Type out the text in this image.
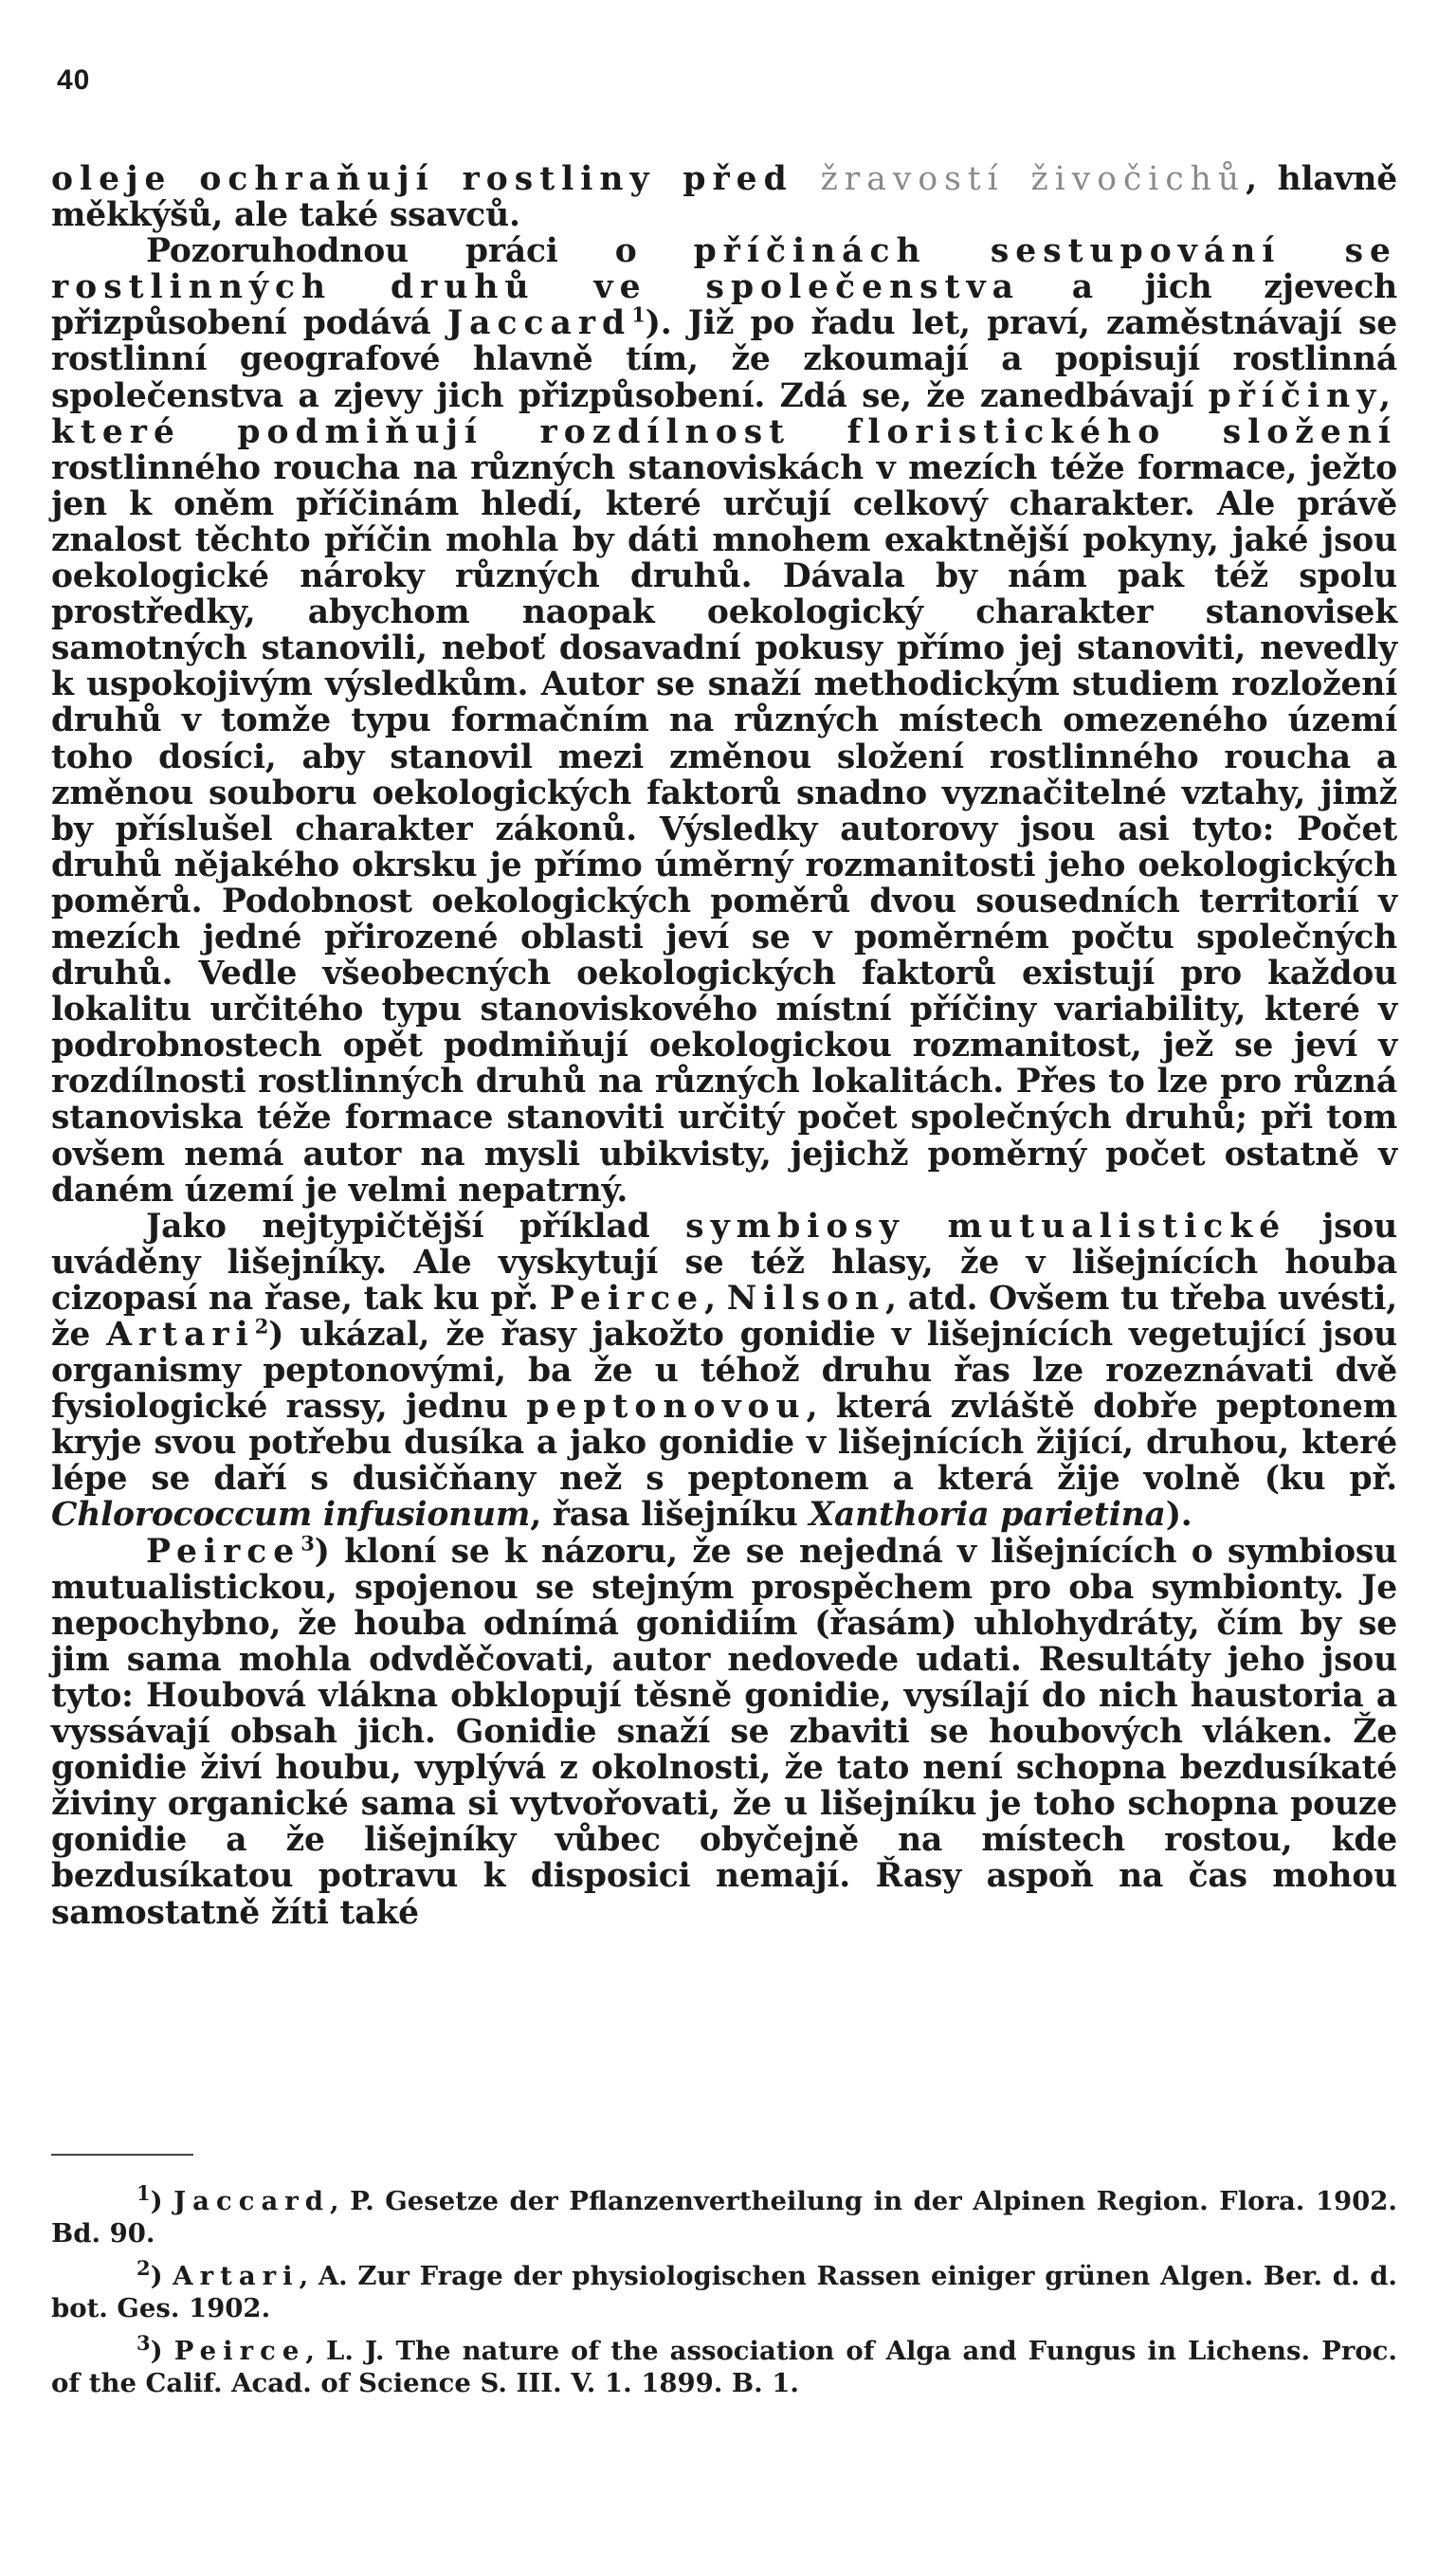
40

oleje ochraňují rostliny před žravostí živočichů, hlavně měkkýšů, ale také ssavců.

Pozoruhodnou práci o příčinách sestupování se rostlinných druhů ve společenstva a jich zjevech přizpůsobení podává Jaccard$^1$). Již po řadu let, praví, zaměstnávají se rostlinní geografové hlavně tím, že zkoumají a popisují rostlinná společenstva a zjevy jich přizpůsobení. Zdá se, že zanedbávají příčiny, které podmiňují rozdílnost floristického složení rostlinného roucha na různých stanoviskách v mezích téže formace, ježto jen k oněm příčinám hledí, které určují celkový charakter. Ale právě znalost těchto příčin mohla by dáti mnohem exaktnější pokyny, jaké jsou oekologické nároky různých druhů. Dávala by nám pak též spolu prostředky, abychom naopak oekologický charakter stanovisek samotných stanovili, neboť dosavadní pokusy přímo jej stanoviti, nevedly k uspokojivým výsledkům. Autor se snaží methodickým studiem rozložení druhů v tomže typu formačním na různých místech omezeného území toho dosíci, aby stanovil mezi změnou složení rostlinného roucha a změnou souboru oekologických faktorů snadno vyznačitelné vztahy, jimž by příslušel charakter zákonů. Výsledky autorovy jsou asi tyto: Počet druhů nějakého okrsku je přímo úměrný rozmanitosti jeho oekologických poměrů. Podobnost oekologických poměrů dvou sousedních territorií v mezích jedné přirozené oblasti jeví se v poměrném počtu společných druhů. Vedle všeobecných oekologických faktorů existují pro každou lokalitu určitého typu stanoviskového místní příčiny variability, které v podrobnostech opět podmiňují oekologickou rozmanitost, jež se jeví v rozdílnosti rostlinných druhů na různých lokalitách. Přes to lze pro různá stanoviska téže formace stanoviti určitý počet společných druhů; při tom ovšem nemá autor na mysli ubikvisty, jejichž poměrný počet ostatně v daném území je velmi nepatrný.

Jako nejtypičtější příklad symbiosy mutualistické jsou uváděny lišejníky. Ale vyskytují se též hlasy, že v lišejnících houba cizopasí na řase, tak ku př. Peirce, Nilson, atd. Ovšem tu třeba uvésti, že Artari$^2$) ukázal, že řasy jakožto gonidie v lišejnících vegetující jsou organismy peptonovými, ba že u téhož druhu řas lze rozeznávati dvě fysiologické rassy, jednu peptonovou, která zvláště dobře peptonem kryje svou potřebu dusíka a jako gonidie v lišejnících žijící, druhou, které lépe se daří s dusičňany než s peptonem a která žije volně (ku př. Chlorococcum infusionum, řasa lišejníku Xanthoria parietina).

Peirce$^3$) kloní se k názoru, že se nejedná v lišejnících o symbiosu mutualistickou, spojenou se stejným prospěchem pro oba symbionty. Je nepochybno, že houba odnímá gonidiím (řasám) uhlohydráty, čím by se jim sama mohla odvděčovati, autor nedovede udati. Resultáty jeho jsou tyto: Houbová vlákna obklopují těsně gonidie, vysílají do nich haustoria a vyssávají obsah jich. Gonidie snaží se zbaviti se houbových vláken. Že gonidie živí houbu, vyplývá z okolnosti, že tato není schopna bezdusíkaté živiny organické sama si vytvořovati, že u lišejníku je toho schopna pouze gonidie a že lišejníky vůbec obyčejně na místech rostou, kde bezdusíkatou potravu k disposici nemají. Řasy aspoň na čas mohou samostatně žíti také

$^1$) Jaccard, P. Gesetze der Pflanzenvertheilung in der Alpinen Region. Flora. 1902. Bd. 90.

$^2$) Artari, A. Zur Frage der physiologischen Rassen einiger grünen Algen. Ber. d. d. bot. Ges. 1902.

$^3$) Peirce, L. J. The nature of the association of Alga and Fungus in Lichens. Proc. of the Calif. Acad. of Science S. III. V. 1. 1899. B. 1.
